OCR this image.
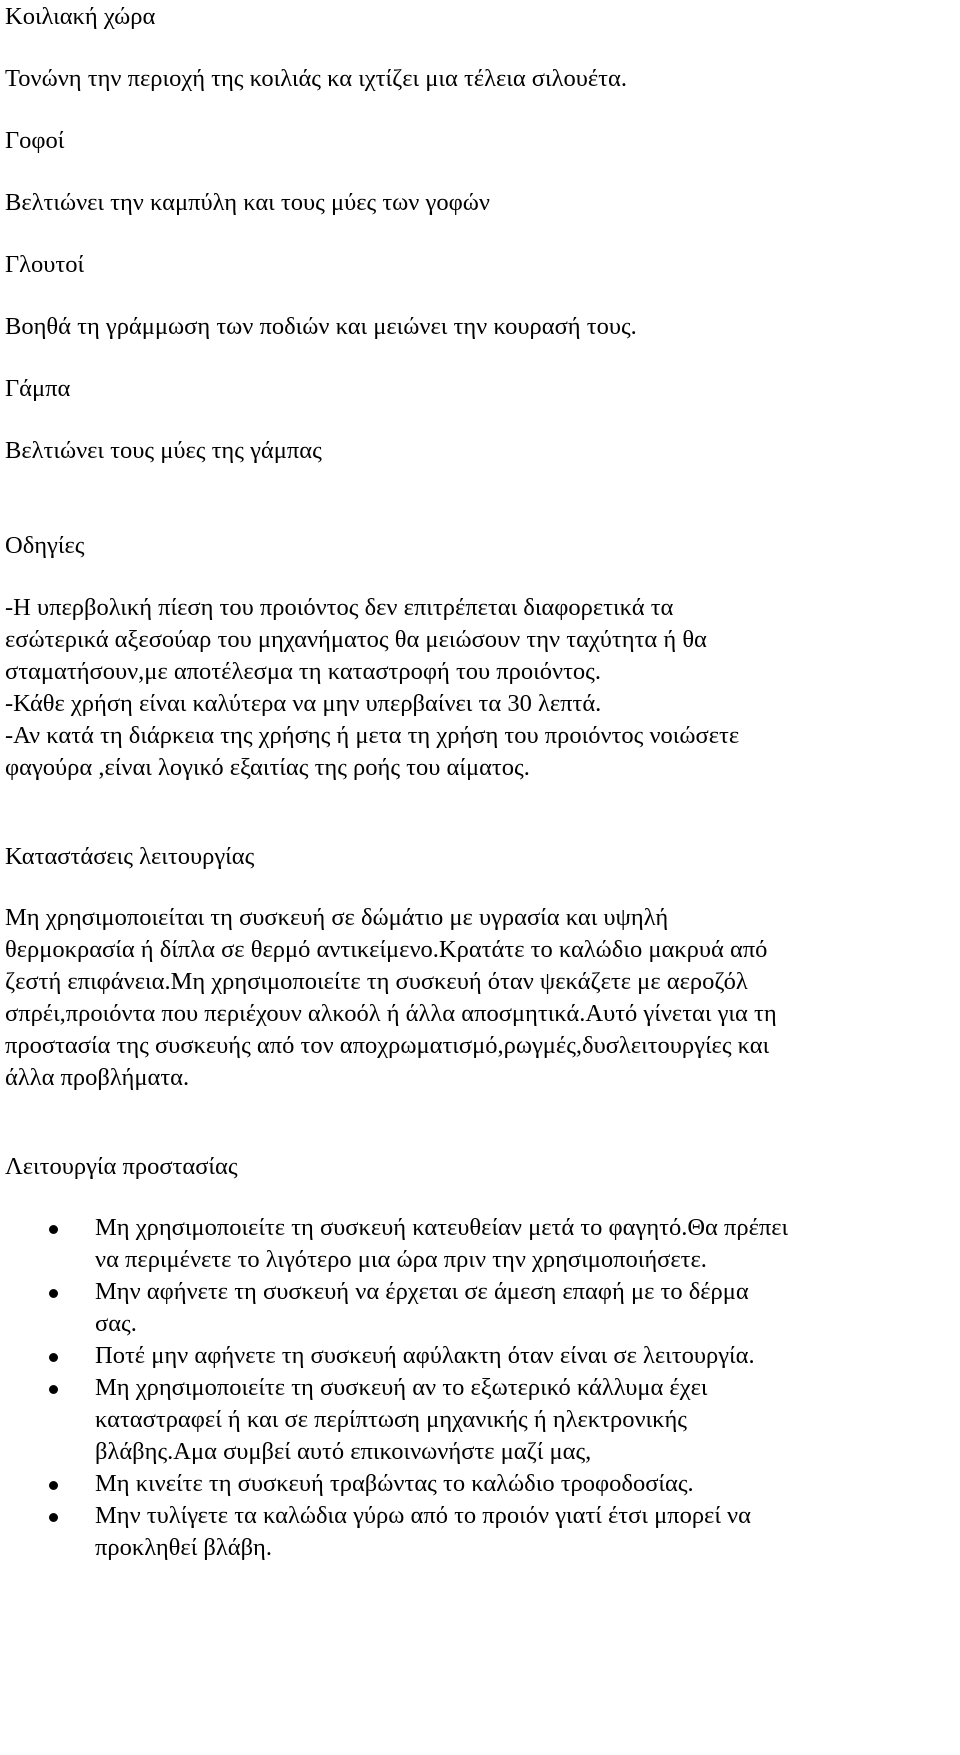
Κοιλιακή χώρα

Τονώνη την περιοχή της κοιλιάς κα ιχτίζει μια τέλεια σιλουέτα.

Γοφοί

Βελτιώνει την καμπύλη και τους μύες των γοφών

Γλουτοί

Βοηθά τη γράμμωση των ποδιών και μειώνει την κουρασή τους.

Γάμπα

Βελτιώνει τους μύες της γάμπας

Οδηγίες

-Η υπερβολική πίεση του προιόντος δεν επιτρέπεται διαφορετικά τα

εσώτερικά αξεσούαρ του μηχανήματος θα μειώσουν την ταχύτητα ή θα

σταματήσουν,με αποτέλεσμα τη καταστροφή του προιόντος.

-Κάθε χρήση είναι καλύτερα να μην υπερβαίνει τα 30 λεπτά.

-Αν κατά τη διάρκεια της χρήσης ή μετα τη χρήση του προιόντος νοιώσετε

φαγούρα ,είναι λογικό εξαιτίας της ροής του αίματος.

Καταστάσεις λειτουργίας

Μη χρησιμοποιείται τη συσκευή σε δώμάτιο με υγρασία και υψηλή

θερμοκρασία ή δίπλα σε θερμό αντικείμενο.Κρατάτε το καλώδιο μακρυά από

ζεστή επιφάνεια.Μη χρησιμοποιείτε τη συσκευή όταν ψεκάζετε με αεροζόλ

σπρέι,προιόντα που περιέχουν αλκοόλ ή άλλα αποσμητικά.Αυτό γίνεται για τη

προστασία της συσκευής από τον αποχρωματισμό,ρωγμές,δυσλειτουργίες και

άλλα προβλήματα.

Λειτουργία προστασίας

Μη χρησιμοποιείτε τη συσκευή κατευθείαν μετά το φαγητό.Θα πρέπει
να περιμένετε το λιγότερο μια ώρα πριν την χρησιμοποιήσετε.
Μην αφήνετε τη συσκευή να έρχεται σε άμεση επαφή με το δέρμα
σας.
Ποτέ μην αφήνετε τη συσκευή αφύλακτη όταν είναι σε λειτουργία.
Μη χρησιμοποιείτε τη συσκευή αν το εξωτερικό κάλλυμα έχει
καταστραφεί ή και σε περίπτωση μηχανικής ή ηλεκτρονικής
βλάβης.Αμα συμβεί αυτό επικοινωνήστε μαζί μας,
Μη κινείτε τη συσκευή τραβώντας το καλώδιο τροφοδοσίας.
Μην τυλίγετε τα καλώδια γύρω από το προιόν γιατί έτσι μπορεί να
προκληθεί βλάβη.
